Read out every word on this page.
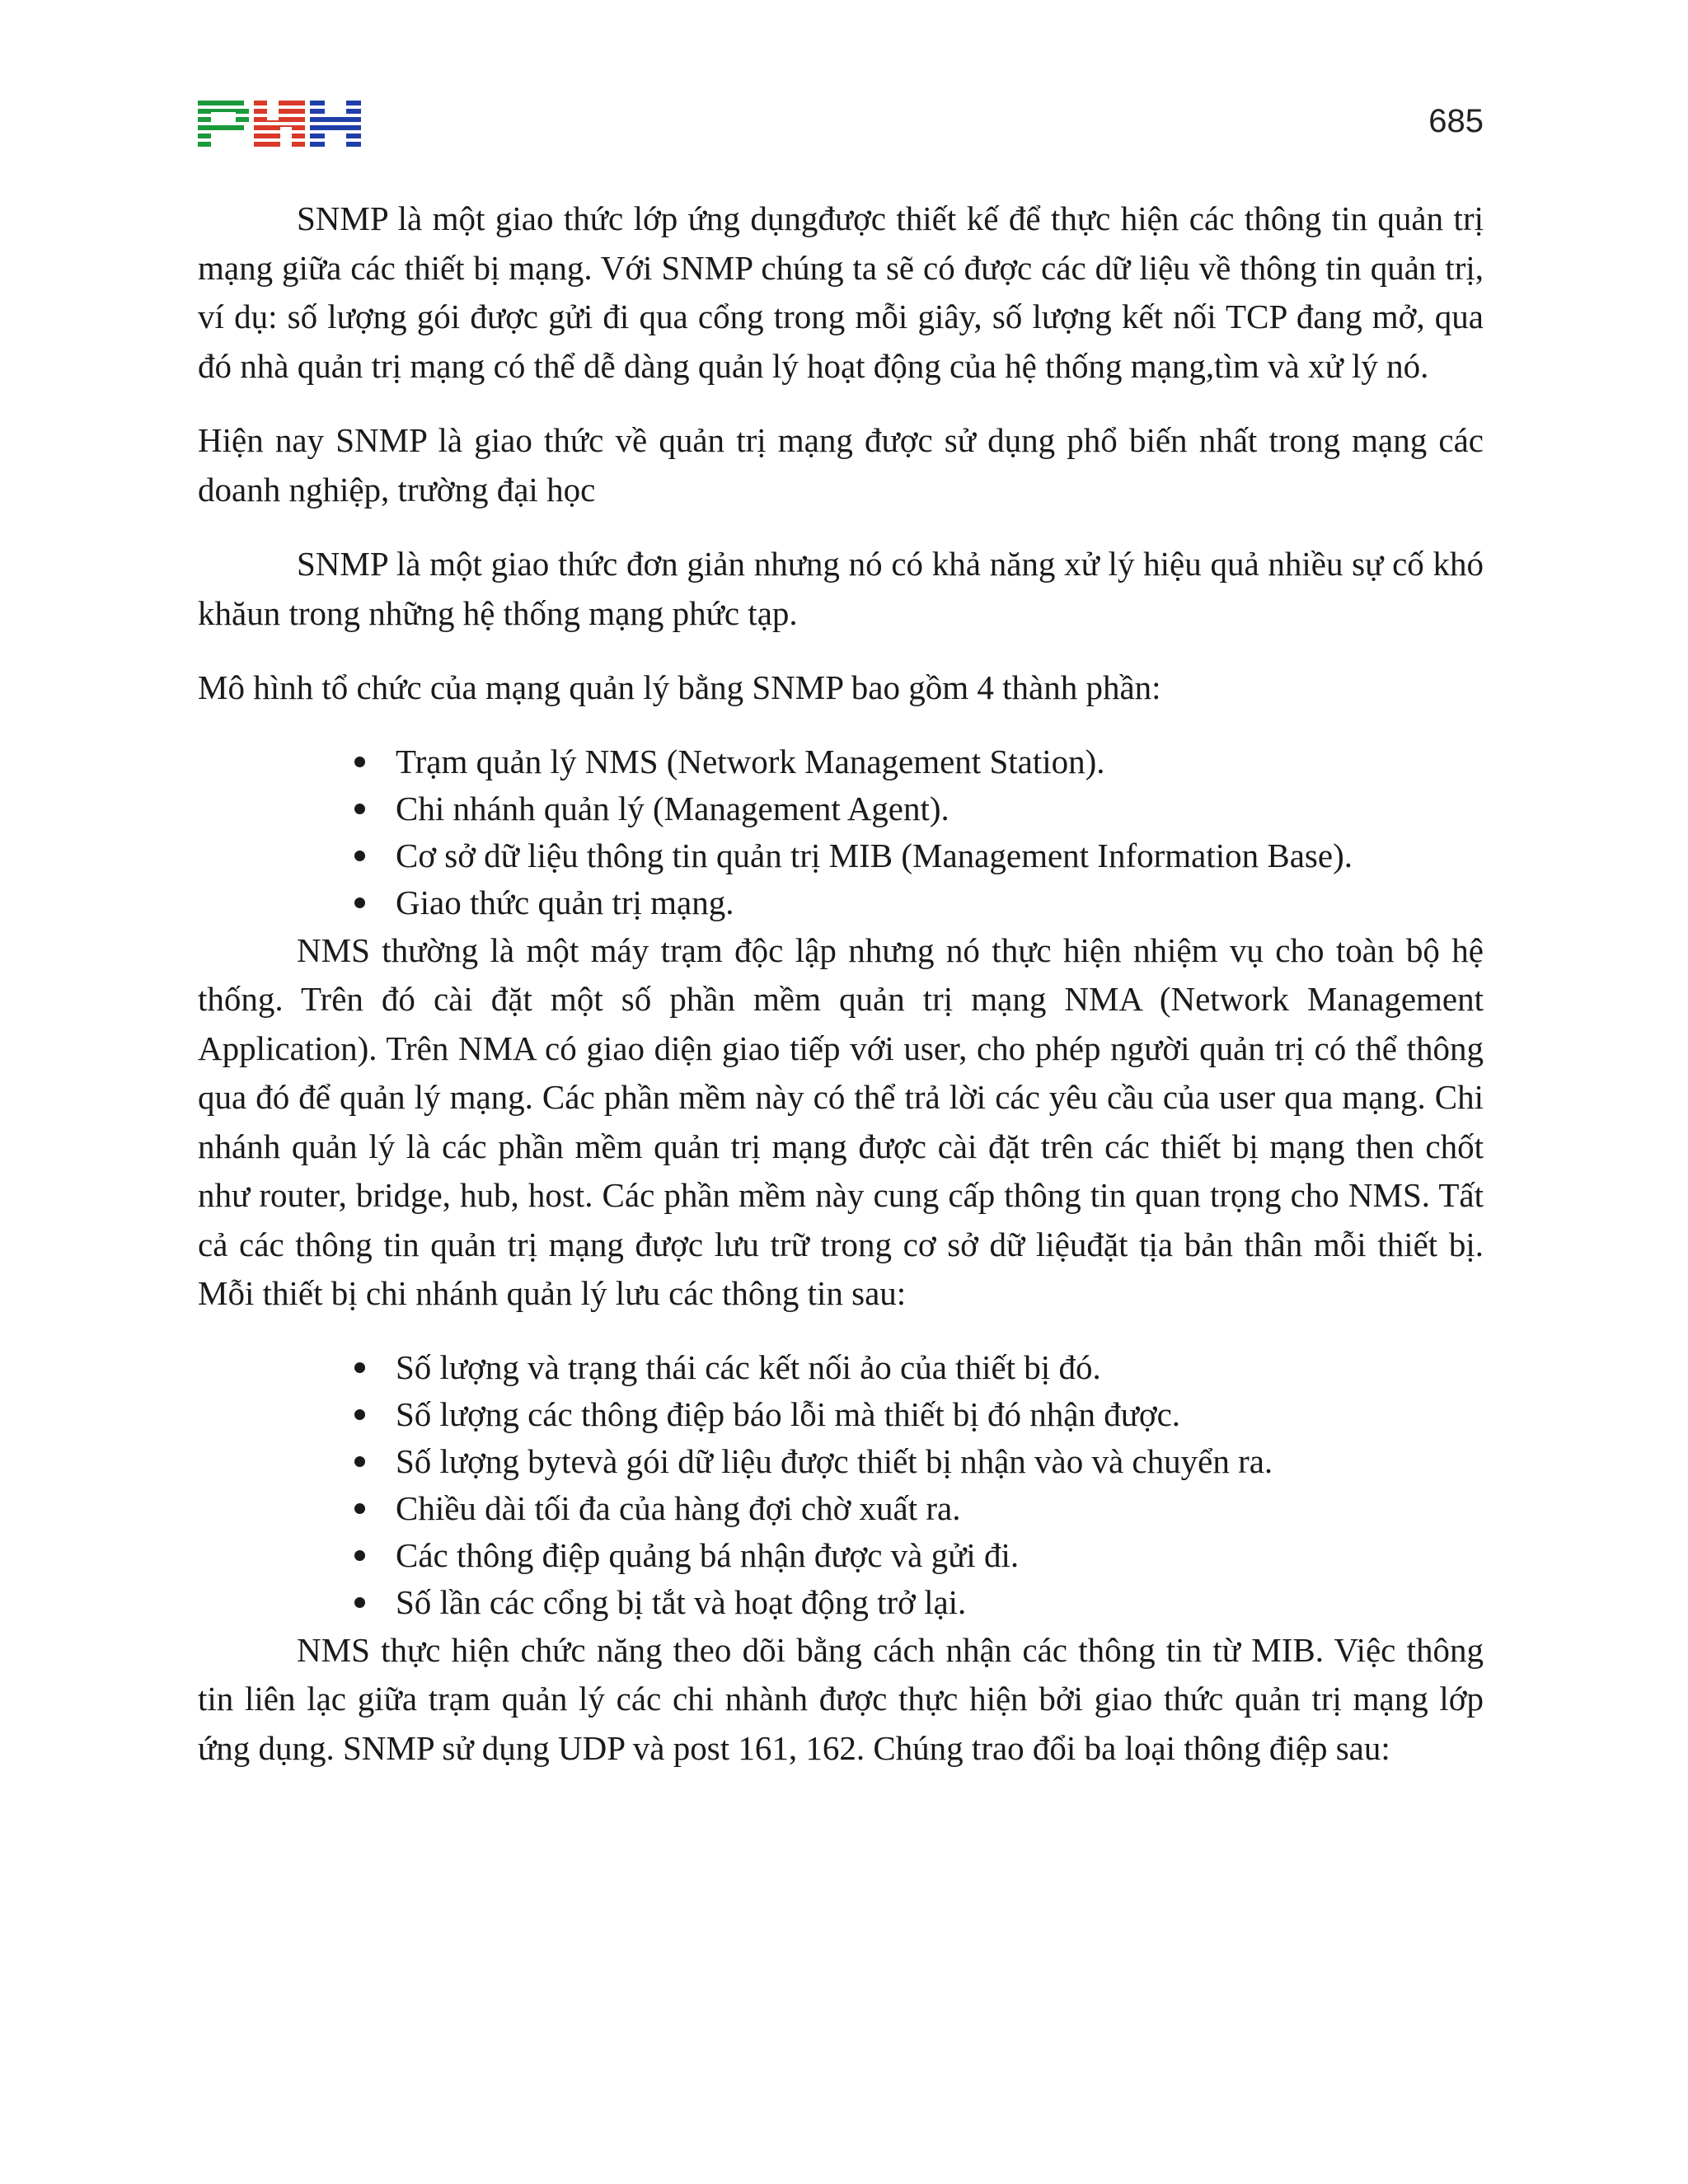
685

SNMP là một giao thức lớp ứng dụngđược thiết kế để thực hiện các thông tin quản trị mạng giữa các thiết bị mạng. Với SNMP chúng ta sẽ có được các dữ liệu về thông tin quản trị, ví dụ: số lượng gói được gửi đi qua cổng trong mỗi giây, số lượng kết nối TCP đang mở, qua đó nhà quản trị mạng có thể dễ dàng quản lý hoạt động của hệ thống mạng,tìm và xử lý nó.

Hiện nay SNMP là giao thức về quản trị mạng được sử dụng phổ biến nhất trong mạng các doanh nghiệp, trường đại học

SNMP là một giao thức đơn giản nhưng nó có khả năng xử lý hiệu quả nhiều sự cố khó khăun trong những hệ thống mạng phức tạp.

Mô hình tổ chức của mạng quản lý bằng SNMP bao gồm 4 thành phần:

Trạm quản lý NMS (Network Management Station).
Chi nhánh quản lý (Management Agent).
Cơ sở dữ liệu thông tin quản trị MIB (Management Information Base).
Giao thức quản trị mạng.

NMS thường là một máy trạm độc lập nhưng nó thực hiện nhiệm vụ cho toàn bộ hệ thống. Trên đó cài đặt một số phần mềm quản trị mạng NMA (Network Management Application). Trên NMA có giao diện giao tiếp với user, cho phép người quản trị có thể thông qua đó để quản lý mạng. Các phần mềm này có thể trả lời các yêu cầu của user qua mạng. Chi nhánh quản lý là các phần mềm quản trị mạng được cài đặt trên các thiết bị mạng then chốt như router, bridge, hub, host. Các phần mềm này cung cấp thông tin quan trọng cho NMS. Tất cả các thông tin quản trị mạng được lưu trữ trong cơ sở dữ liệuđặt tịa bản thân mỗi thiết bị. Mỗi thiết bị chi nhánh quản lý lưu các thông tin sau:

Số lượng và trạng thái các kết nối ảo của thiết bị đó.
Số lượng các thông điệp báo lỗi mà thiết bị đó nhận được.
Số lượng bytevà gói dữ liệu được thiết bị nhận vào và chuyển ra.
Chiều dài tối đa của hàng đợi chờ xuất ra.
Các thông điệp quảng bá nhận được và gửi đi.
Số lần các cổng bị tắt và hoạt động trở lại.

NMS thực hiện chức năng theo dõi bằng cách nhận các thông tin từ MIB. Việc thông tin liên lạc giữa trạm quản lý các chi nhành được thực hiện bởi giao thức quản trị mạng lớp ứng dụng. SNMP sử dụng UDP và post 161, 162. Chúng trao đổi ba loại thông điệp sau:
